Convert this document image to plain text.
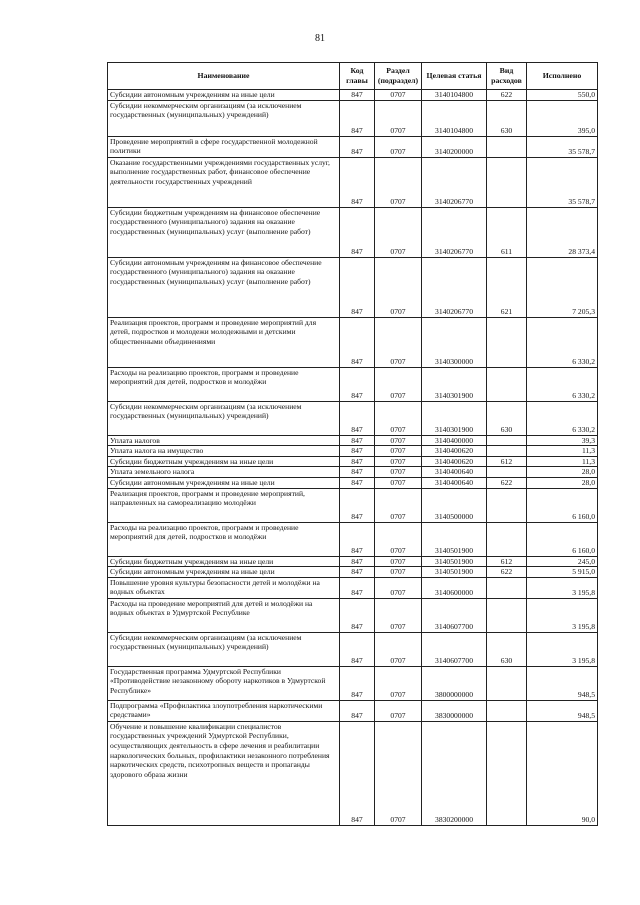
81
Наименование	Код главы	Раздел (подраздел)	Целевая статья	Вид расходов	Исполнено
Субсидии автономным учреждениям на иные цели	847	0707	3140104800	622	550,0
Субсидии некоммерческим организациям (за исключением государственных (муниципальных) учреждений)	847	0707	3140104800	630	395,0
Проведение мероприятий в сфере государственной молодежной политики	847	0707	3140200000		35 578,7
Оказание государственными учреждениями государственных услуг, выполнение государственных работ, финансовое обеспечение деятельности государственных учреждений	847	0707	3140206770		35 578,7
Субсидии бюджетным учреждениям на финансовое обеспечение государственного (муниципального) задания на оказание государственных (муниципальных) услуг (выполнение работ)	847	0707	3140206770	611	28 373,4
Субсидии автономным учреждениям на финансовое обеспечение государственного (муниципального) задания на оказание государственных (муниципальных) услуг (выполнение работ)	847	0707	3140206770	621	7 205,3
Реализация проектов, программ и проведение мероприятий для детей, подростков и молодежи молодежными и детскими общественными объединениями	847	0707	3140300000		6 330,2
Расходы на реализацию проектов, программ и проведение мероприятий для детей, подростков и молодёжи	847	0707	3140301900		6 330,2
Субсидии некоммерческим организациям (за исключением государственных (муниципальных) учреждений)	847	0707	3140301900	630	6 330,2
Уплата налогов	847	0707	3140400000		39,3
Уплата налога на имущество	847	0707	3140400620		11,3
Субсидии бюджетным учреждениям на иные цели	847	0707	3140400620	612	11,3
Уплата земельного налога	847	0707	3140400640		28,0
Субсидии автономным учреждениям на иные цели	847	0707	3140400640	622	28,0
Реализация проектов, программ и проведение мероприятий, направленных на самореализацию молодёжи	847	0707	3140500000		6 160,0
Расходы на реализацию проектов, программ и проведение мероприятий для детей, подростков и молодёжи	847	0707	3140501900		6 160,0
Субсидии бюджетным учреждениям на иные цели	847	0707	3140501900	612	245,0
Субсидии автономным учреждениям на иные цели	847	0707	3140501900	622	5 915,0
Повышение уровня культуры безопасности детей и молодёжи на водных объектах	847	0707	3140600000		3 195,8
Расходы на проведение мероприятий для детей и молодёжи на водных объектах в Удмуртской Республике	847	0707	3140607700		3 195,8
Субсидии некоммерческим организациям (за исключением государственных (муниципальных) учреждений)	847	0707	3140607700	630	3 195,8
Государственная программа Удмуртской Республики «Противодействие незаконному обороту наркотиков в Удмуртской Республике»	847	0707	3800000000		948,5
Подпрограмма «Профилактика злоупотребления наркотическими средствами»	847	0707	3830000000		948,5
Обучение и повышение квалификации специалистов государственных учреждений Удмуртской Республики, осуществляющих деятельность в сфере лечения и реабилитации наркологических больных, профилактики незаконного потребления наркотических средств, психотропных веществ и пропаганды здорового образа жизни	847	0707	3830200000		90,0
